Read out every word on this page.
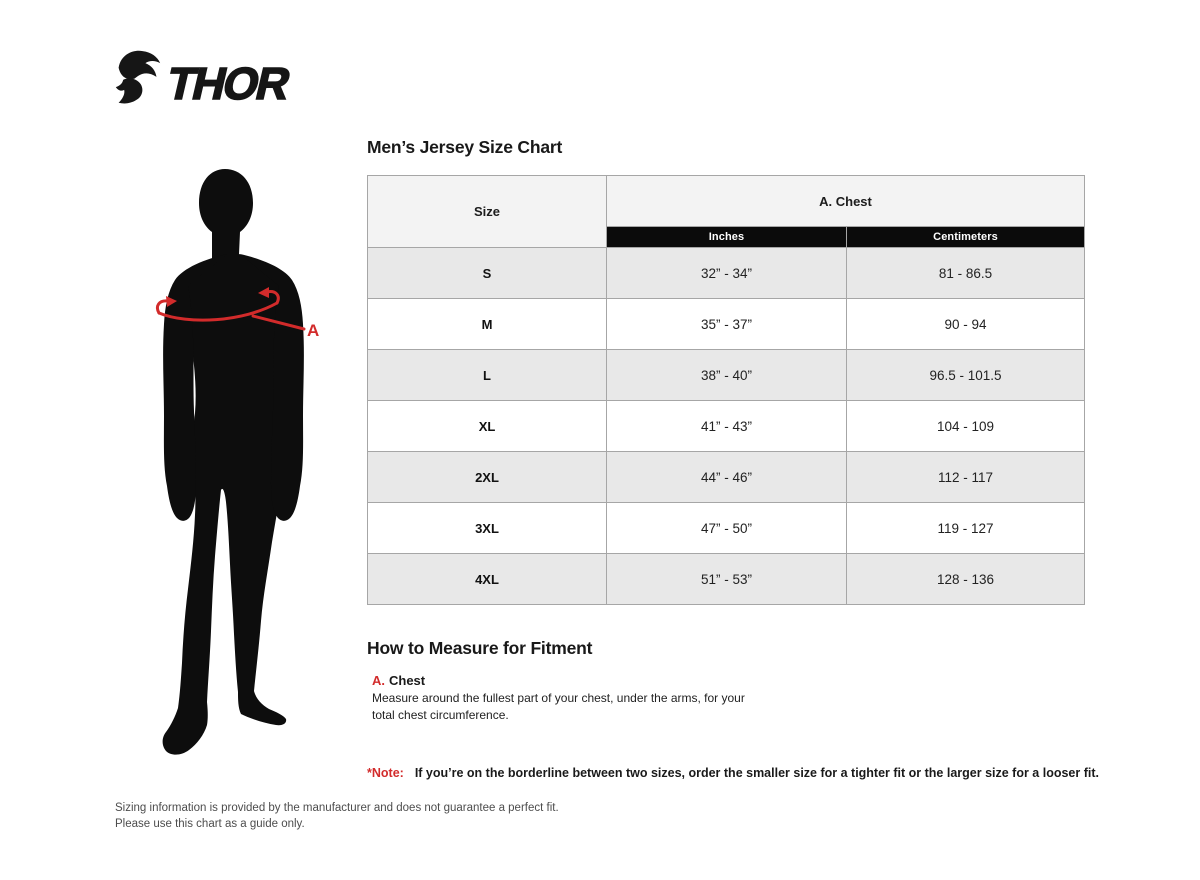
THOR
A
Men’s Jersey Size Chart
Size	A. Chest	
	Inches	Centimeters
S	32” - 34”	81 - 86.5
M	35” - 37”	90 - 94
L	38” - 40”	96.5 - 101.5
XL	41” - 43”	104 - 109
2XL	44” - 46”	112 - 117
3XL	47” - 50”	119 - 127
4XL	51” - 53”	128 - 136
How to Measure for Fitment
A. Chest
Measure around the fullest part of your chest, under the arms, for your
total chest circumference.
*Note: If you’re on the borderline between two sizes, order the smaller size for a tighter fit or the larger size for a looser fit.
Sizing information is provided by the manufacturer and does not guarantee a perfect fit.
Please use this chart as a guide only.
